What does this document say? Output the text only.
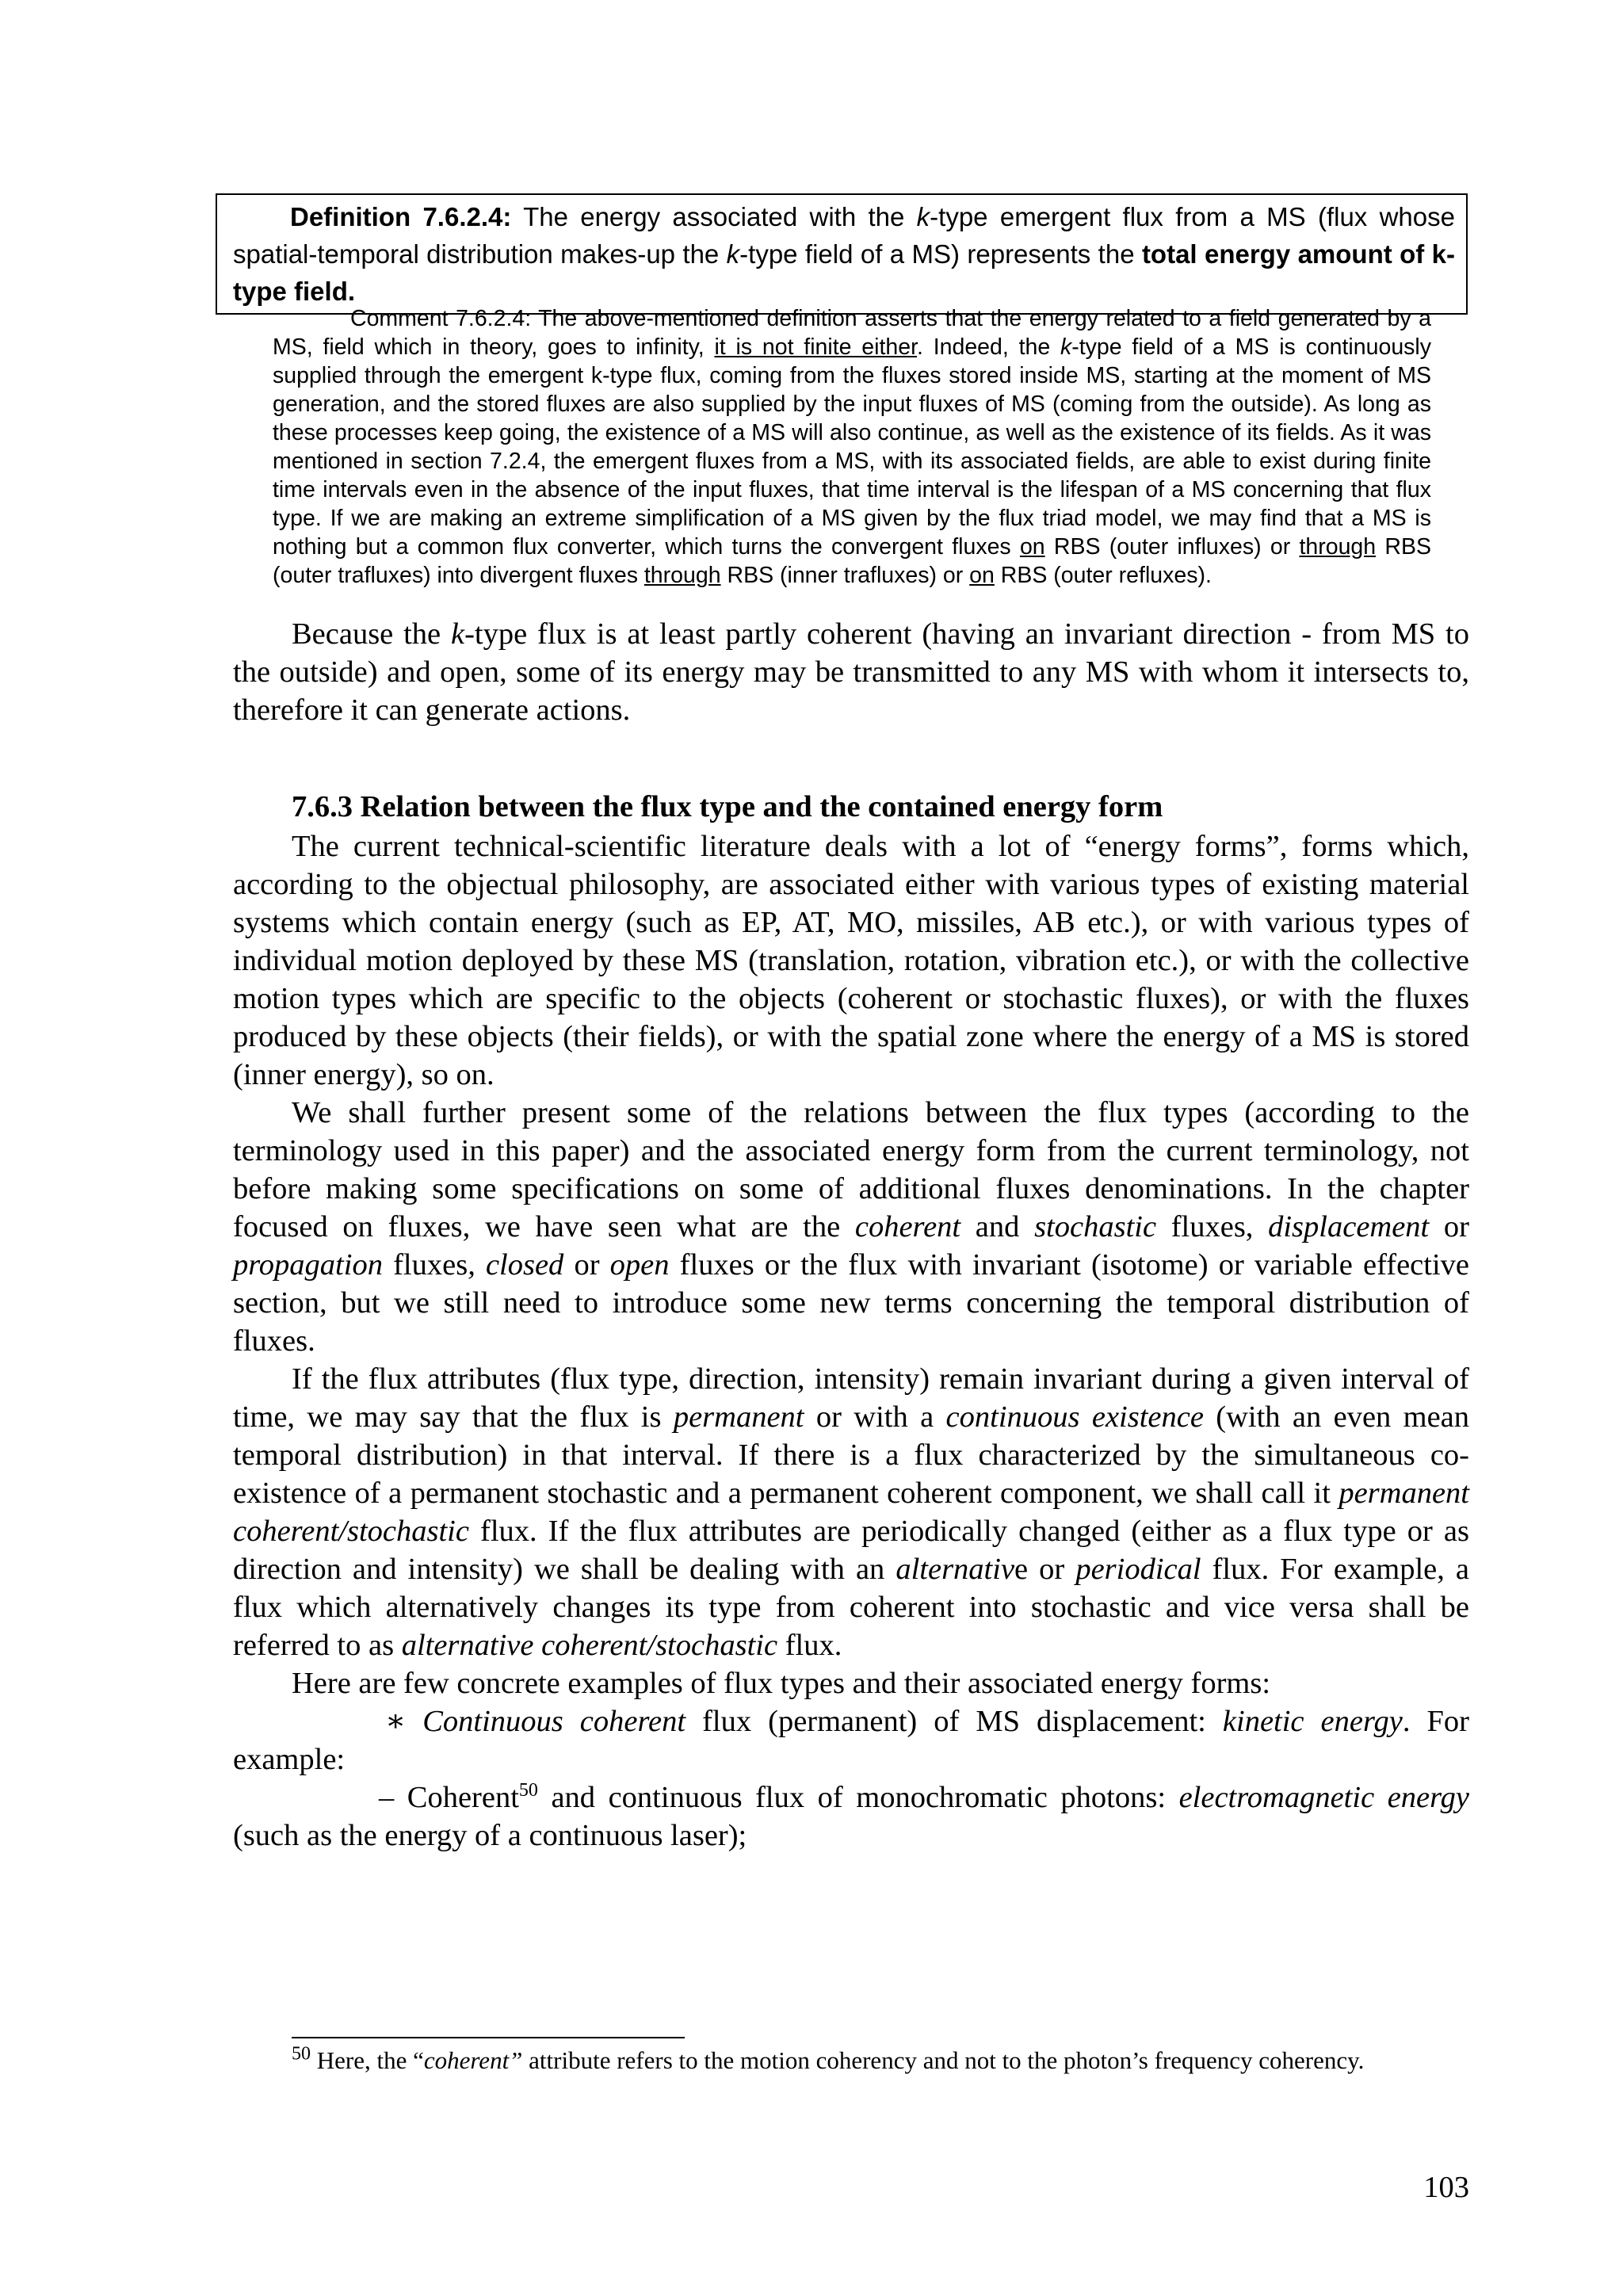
Definition 7.6.2.4: The energy associated with the k-type emergent flux from a MS (flux whose spatial-temporal distribution makes-up the k-type field of a MS) represents the total energy amount of k-type field.
Comment 7.6.2.4: The above-mentioned definition asserts that the energy related to a field generated by a MS, field which in theory, goes to infinity, it is not finite either. Indeed, the k-type field of a MS is continuously supplied through the emergent k-type flux, coming from the fluxes stored inside MS, starting at the moment of MS generation, and the stored fluxes are also supplied by the input fluxes of MS (coming from the outside). As long as these processes keep going, the existence of a MS will also continue, as well as the existence of its fields. As it was mentioned in section 7.2.4, the emergent fluxes from a MS, with its associated fields, are able to exist during finite time intervals even in the absence of the input fluxes, that time interval is the lifespan of a MS concerning that flux type. If we are making an extreme simplification of a MS given by the flux triad model, we may find that a MS is nothing but a common flux converter, which turns the convergent fluxes on RBS (outer influxes) or through RBS (outer trafluxes) into divergent fluxes through RBS (inner trafluxes) or on RBS (outer refluxes).

Because the k-type flux is at least partly coherent (having an invariant direction - from MS to the outside) and open, some of its energy may be transmitted to any MS with whom it intersects to, therefore it can generate actions.

7.6.3 Relation between the flux type and the contained energy form

The current technical-scientific literature deals with a lot of “energy forms”, forms which, according to the objectual philosophy, are associated either with various types of existing material systems which contain energy (such as EP, AT, MO, missiles, AB etc.), or with various types of individual motion deployed by these MS (translation, rotation, vibration etc.), or with the collective motion types which are specific to the objects (coherent or stochastic fluxes), or with the fluxes produced by these objects (their fields), or with the spatial zone where the energy of a MS is stored (inner energy), so on.

We shall further present some of the relations between the flux types (according to the terminology used in this paper) and the associated energy form from the current terminology, not before making some specifications on some of additional fluxes denominations. In the chapter focused on fluxes, we have seen what are the coherent and stochastic fluxes, displacement or propagation fluxes, closed or open fluxes or the flux with invariant (isotome) or variable effective section, but we still need to introduce some new terms concerning the temporal distribution of fluxes.

If the flux attributes (flux type, direction, intensity) remain invariant during a given interval of time, we may say that the flux is permanent or with a continuous existence (with an even mean temporal distribution) in that interval. If there is a flux characterized by the simultaneous co-existence of a permanent stochastic and a permanent coherent component, we shall call it permanent coherent/stochastic flux. If the flux attributes are periodically changed (either as a flux type or as direction and intensity) we shall be dealing with an alternative or periodical flux. For example, a flux which alternatively changes its type from coherent into stochastic and vice versa shall be referred to as alternative coherent/stochastic flux.

Here are few concrete examples of flux types and their associated energy forms:

∗ Continuous coherent flux (permanent) of MS displacement: kinetic energy. For example:

– Coherent$^{50}$ and continuous flux of monochromatic photons: electromagnetic energy (such as the energy of a continuous laser);

$^{50}$ Here, the “coherent” attribute refers to the motion coherency and not to the photon’s frequency coherency.
103
